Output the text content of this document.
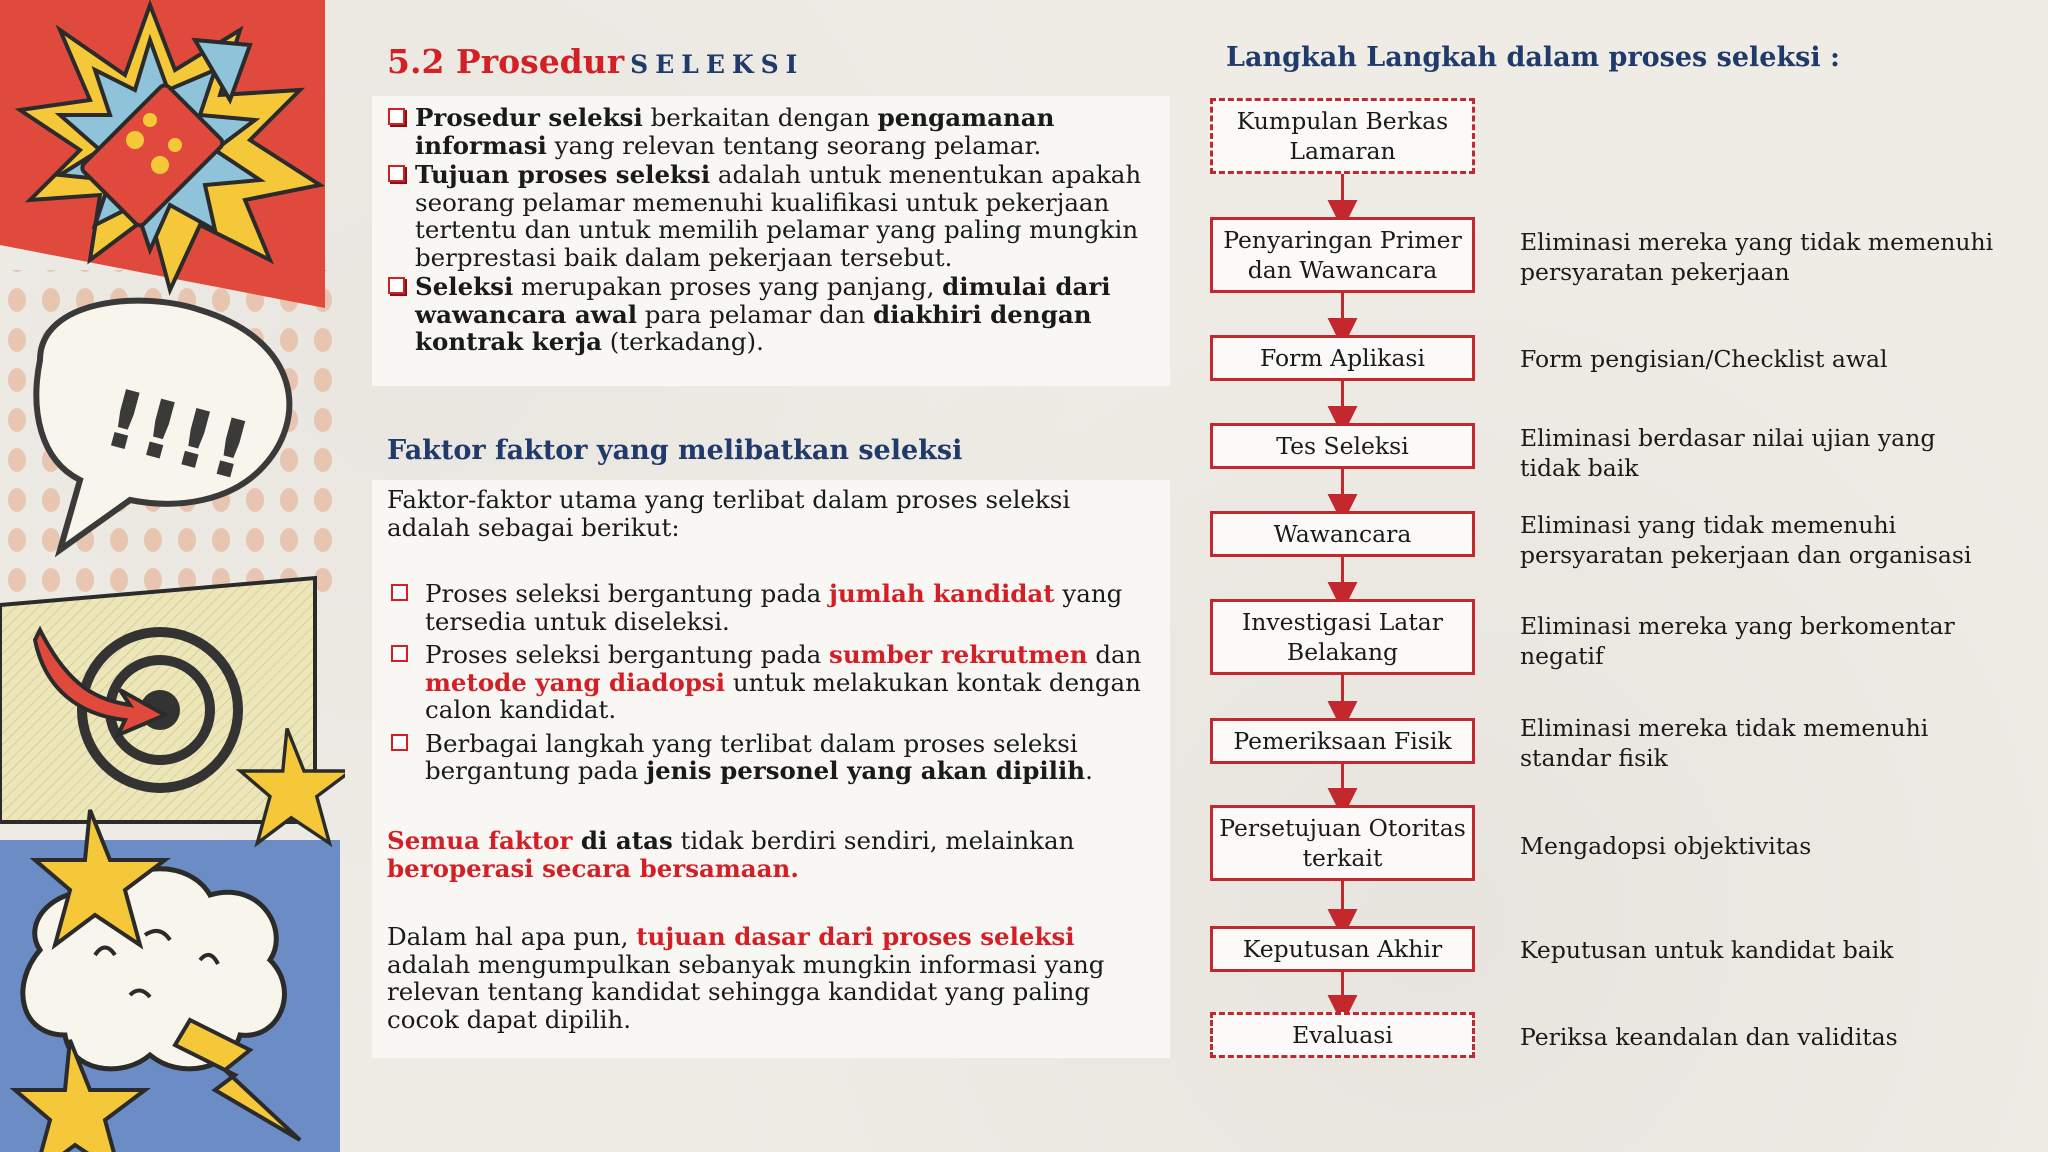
!!!!
5.2 Prosedur SELEKSI
Prosedur seleksi berkaitan dengan pengamanan informasi yang relevan tentang seorang pelamar.
Tujuan proses seleksi adalah untuk menentukan apakah seorang pelamar memenuhi kualifikasi untuk pekerjaan tertentu dan untuk memilih pelamar yang paling mungkin berprestasi baik dalam pekerjaan tersebut.
Seleksi merupakan proses yang panjang, dimulai dari wawancara awal para pelamar dan diakhiri dengan kontrak kerja (terkadang).
Faktor faktor yang melibatkan seleksi
Faktor-faktor utama yang terlibat dalam proses seleksi adalah sebagai berikut:
Proses seleksi bergantung pada jumlah kandidat yang tersedia untuk diseleksi.
Proses seleksi bergantung pada sumber rekrutmen dan metode yang diadopsi untuk melakukan kontak dengan calon kandidat.
Berbagai langkah yang terlibat dalam proses seleksi bergantung pada jenis personel yang akan dipilih.
Semua faktor di atas tidak berdiri sendiri, melainkan beroperasi secara bersamaan.
Dalam hal apa pun, tujuan dasar dari proses seleksi adalah mengumpulkan sebanyak mungkin informasi yang relevan tentang kandidat sehingga kandidat yang paling cocok dapat dipilih.
Langkah Langkah dalam proses seleksi :
Kumpulan Berkas Lamaran
Penyaringan Primer dan Wawancara
Form Aplikasi
Tes Seleksi
Wawancara
Investigasi Latar Belakang
Pemeriksaan Fisik
Persetujuan Otoritas terkait
Keputusan Akhir
Evaluasi
Eliminasi mereka yang tidak memenuhi persyaratan pekerjaan
Form pengisian/Checklist awal
Eliminasi berdasar nilai ujian yang tidak baik
Eliminasi yang tidak memenuhi persyaratan pekerjaan dan organisasi
Eliminasi mereka yang berkomentar negatif
Eliminasi mereka tidak memenuhi standar fisik
Mengadopsi objektivitas
Keputusan untuk kandidat baik
Periksa keandalan dan validitas
